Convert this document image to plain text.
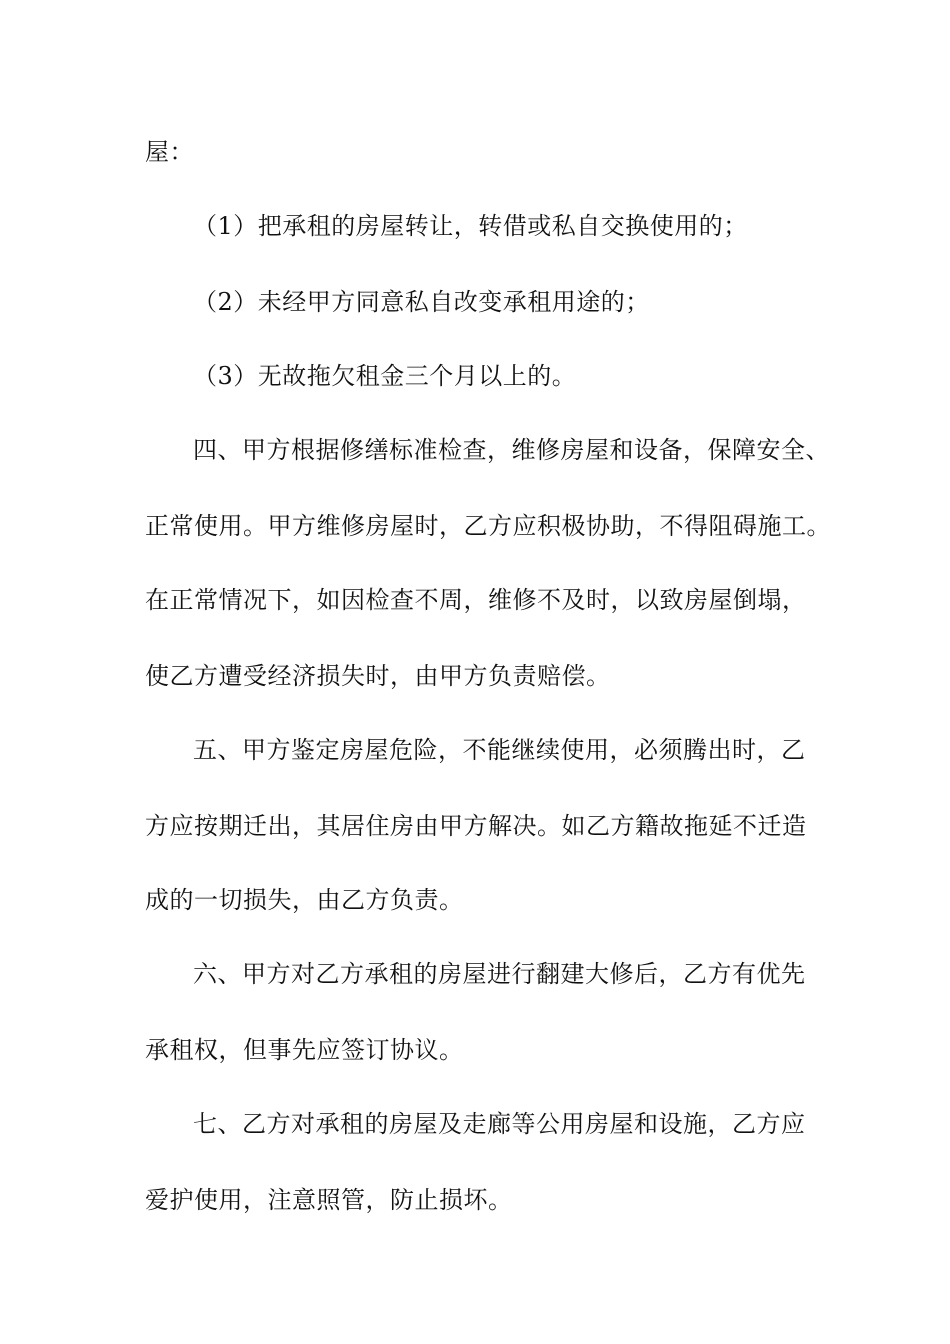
屋：
（1）把承租的房屋转让，转借或私自交换使用的；
（2）未经甲方同意私自改变承租用途的；
（3）无故拖欠租金三个月以上的。
四、甲方根据修缮标准检查，维修房屋和设备，保障安全、
正常使用。甲方维修房屋时，乙方应积极协助，不得阻碍施工。
在正常情况下，如因检查不周，维修不及时，以致房屋倒塌，
使乙方遭受经济损失时，由甲方负责赔偿。
五、甲方鉴定房屋危险，不能继续使用，必须腾出时，乙
方应按期迁出，其居住房由甲方解决。如乙方籍故拖延不迁造
成的一切损失，由乙方负责。
六、甲方对乙方承租的房屋进行翻建大修后，乙方有优先
承租权，但事先应签订协议。
七、乙方对承租的房屋及走廊等公用房屋和设施，乙方应
爱护使用，注意照管，防止损坏。
